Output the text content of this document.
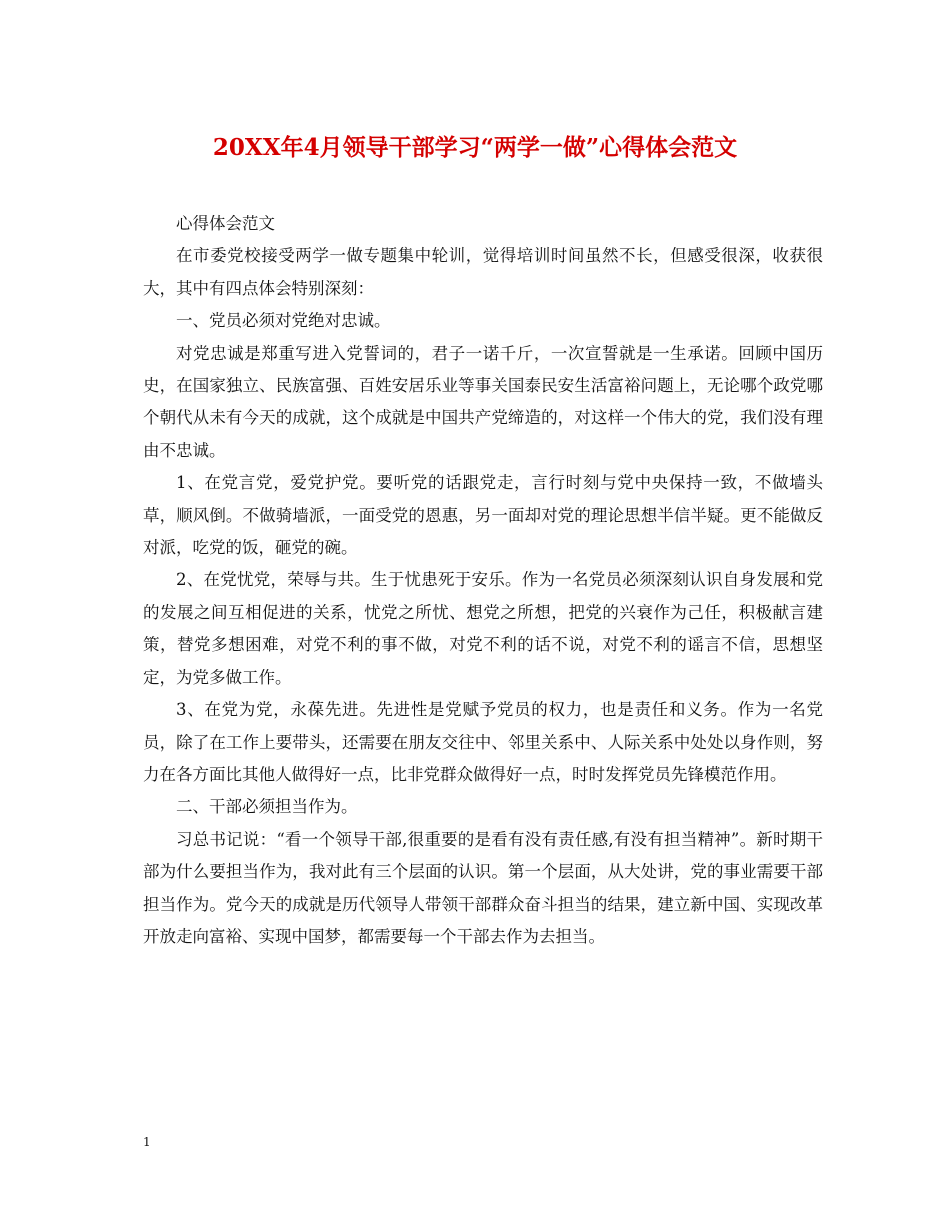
20XX年4月领导干部学习“两学一做”心得体会范文

心得体会范文

在市委党校接受两学一做专题集中轮训，觉得培训时间虽然不长，但感受很深，收获很大，其中有四点体会特别深刻：

一、党员必须对党绝对忠诚。

对党忠诚是郑重写进入党誓词的，君子一诺千斤，一次宣誓就是一生承诺。回顾中国历史，在国家独立、民族富强、百姓安居乐业等事关国泰民安生活富裕问题上，无论哪个政党哪个朝代从未有今天的成就，这个成就是中国共产党缔造的，对这样一个伟大的党，我们没有理由不忠诚。

1、在党言党，爱党护党。要听党的话跟党走，言行时刻与党中央保持一致，不做墙头草，顺风倒。不做骑墙派，一面受党的恩惠，另一面却对党的理论思想半信半疑。更不能做反对派，吃党的饭，砸党的碗。

2、在党忧党，荣辱与共。生于忧患死于安乐。作为一名党员必须深刻认识自身发展和党的发展之间互相促进的关系，忧党之所忧、想党之所想，把党的兴衰作为己任，积极献言建策，替党多想困难，对党不利的事不做，对党不利的话不说，对党不利的谣言不信，思想坚定，为党多做工作。

3、在党为党，永葆先进。先进性是党赋予党员的权力，也是责任和义务。作为一名党员，除了在工作上要带头，还需要在朋友交往中、邻里关系中、人际关系中处处以身作则，努力在各方面比其他人做得好一点，比非党群众做得好一点，时时发挥党员先锋模范作用。

二、干部必须担当作为。

习总书记说：“看一个领导干部,很重要的是看有没有责任感,有没有担当精神”。新时期干部为什么要担当作为，我对此有三个层面的认识。第一个层面，从大处讲，党的事业需要干部担当作为。党今天的成就是历代领导人带领干部群众奋斗担当的结果，建立新中国、实现改革开放走向富裕、实现中国梦，都需要每一个干部去作为去担当。

1
